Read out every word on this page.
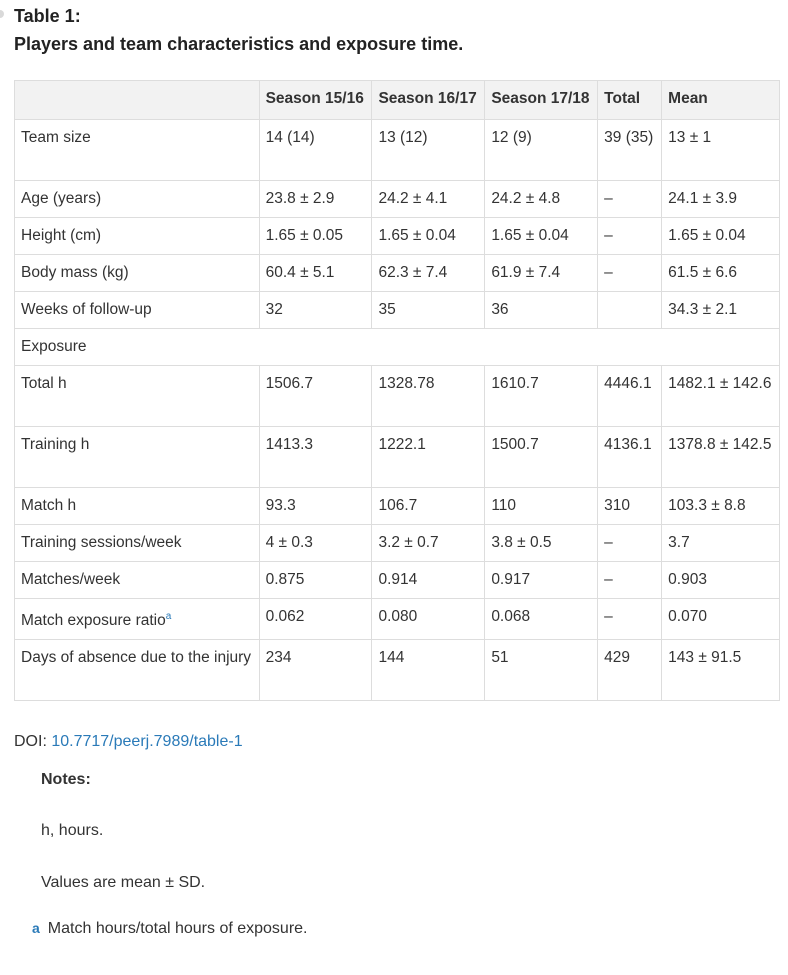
Table 1:
Players and team characteristics and exposure time.
	Season 15/16	Season 16/17	Season 17/18	Total	Mean
Team size	14 (14)	13 (12)	12 (9)	39 (35)	13 ± 1
Age (years)	23.8 ± 2.9	24.2 ± 4.1	24.2 ± 4.8	–	24.1 ± 3.9
Height (cm)	1.65 ± 0.05	1.65 ± 0.04	1.65 ± 0.04	–	1.65 ± 0.04
Body mass (kg)	60.4 ± 5.1	62.3 ± 7.4	61.9 ± 7.4	–	61.5 ± 6.6
Weeks of follow-up	32	35	36		34.3 ± 2.1
Exposure					
Total h	1506.7	1328.78	1610.7	4446.1	1482.1 ± 142.6
Training h	1413.3	1222.1	1500.7	4136.1	1378.8 ± 142.5
Match h	93.3	106.7	110	310	103.3 ± 8.8
Training sessions/week	4 ± 0.3	3.2 ± 0.7	3.8 ± 0.5	–	3.7
Matches/week	0.875	0.914	0.917	–	0.903
Match exposure ratio$^a$	0.062	0.080	0.068	–	0.070
Days of absence due to the injury	234	144	51	429	143 ± 91.5
DOI: 10.7717/peerj.7989/table-1
Notes:
h, hours.
Values are mean ± SD.
a Match hours/total hours of exposure.
